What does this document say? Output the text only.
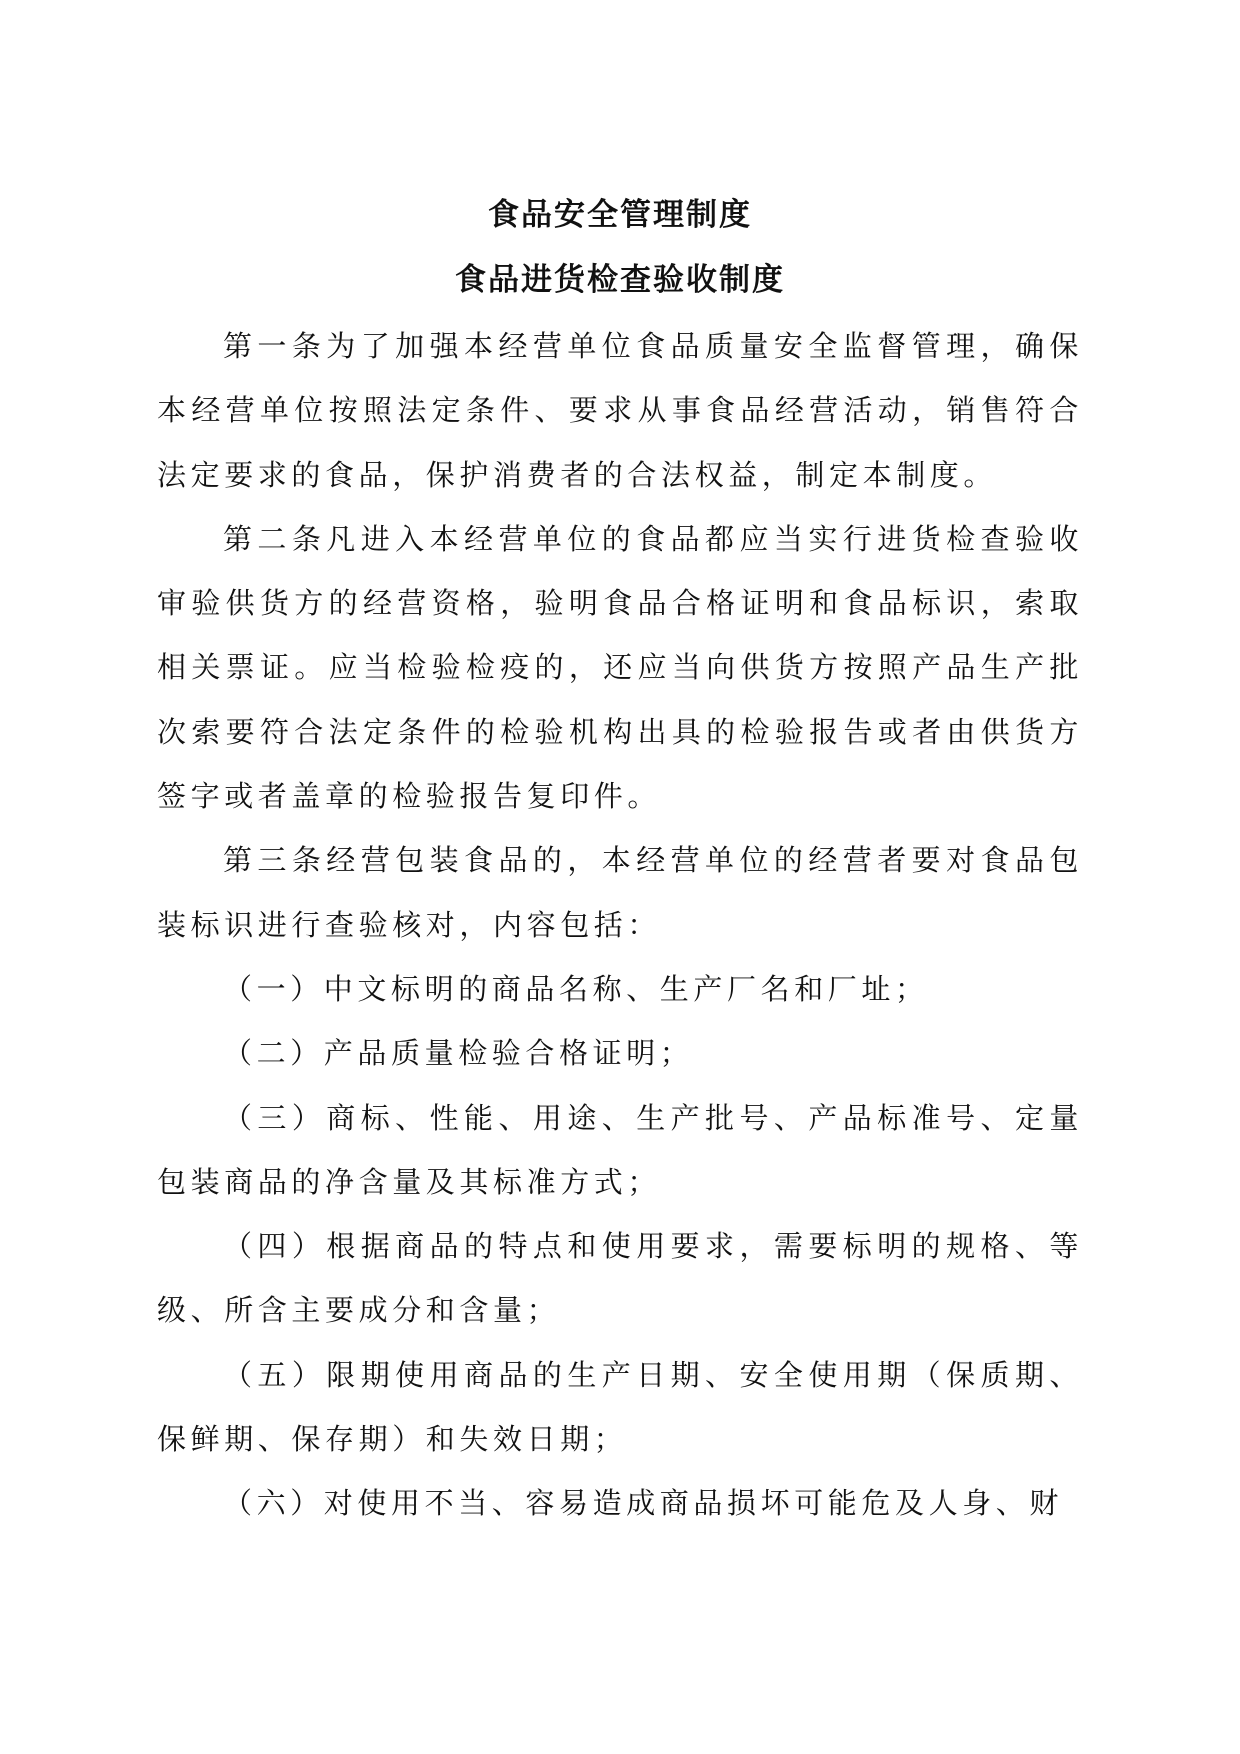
食品安全管理制度
食品进货检查验收制度

第一条为了加强本经营单位食品质量安全监督管理，确保本经营单位按照法定条件、要求从事食品经营活动，销售符合法定要求的食品，保护消费者的合法权益，制定本制度。

第二条凡进入本经营单位的食品都应当实行进货检查验收审验供货方的经营资格，验明食品合格证明和食品标识，索取相关票证。应当检验检疫的，还应当向供货方按照产品生产批次索要符合法定条件的检验机构出具的检验报告或者由供货方签字或者盖章的检验报告复印件。

第三条经营包装食品的，本经营单位的经营者要对食品包装标识进行查验核对，内容包括：

（一）中文标明的商品名称、生产厂名和厂址；

（二）产品质量检验合格证明；

（三）商标、性能、用途、生产批号、产品标准号、定量包装商品的净含量及其标准方式；

（四）根据商品的特点和使用要求，需要标明的规格、等级、所含主要成分和含量；

（五）限期使用商品的生产日期、安全使用期（保质期、保鲜期、保存期）和失效日期；

（六）对使用不当、容易造成商品损坏可能危及人身、财
